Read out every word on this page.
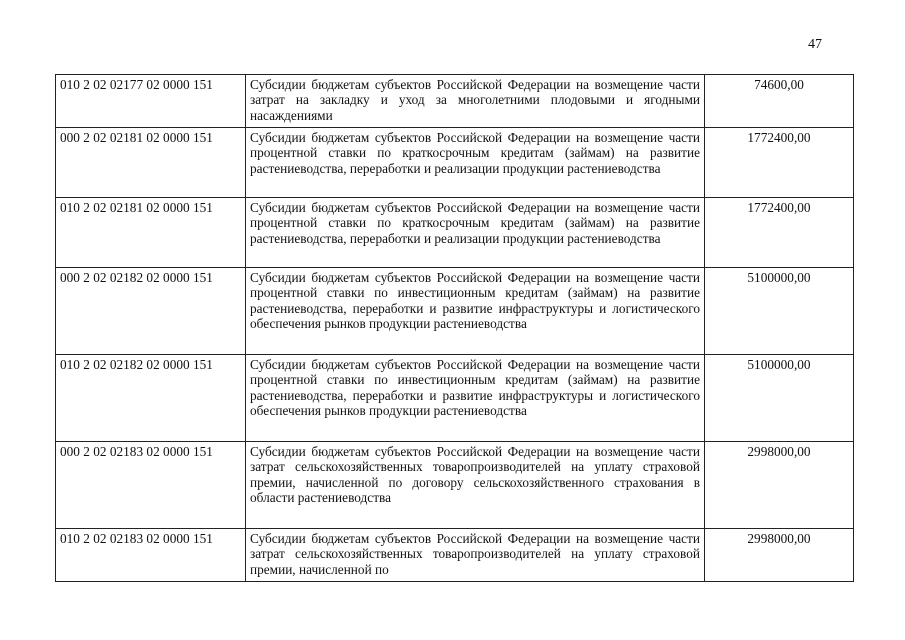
47
010 2 02 02177 02 0000 151	Субсидии бюджетам субъектов Российской Федерации на возмещение части затрат на закладку и уход за многолетними плодовыми и ягодными насаждениями	74600,00
000 2 02 02181 02 0000 151	Субсидии бюджетам субъектов Российской Федерации на возмещение части процентной ставки по краткосрочным кредитам (займам) на развитие растениеводства, переработки и реализации продукции растениеводства	1772400,00
010 2 02 02181 02 0000 151	Субсидии бюджетам субъектов Российской Федерации на возмещение части процентной ставки по краткосрочным кредитам (займам) на развитие растениеводства, переработки и реализации продукции растениеводства	1772400,00
000 2 02 02182 02 0000 151	Субсидии бюджетам субъектов Российской Федерации на возмещение части процентной ставки по инвестиционным кредитам (займам) на развитие растениеводства, переработки и развитие инфраструктуры и логистического обеспечения рынков продукции растениеводства	5100000,00
010 2 02 02182 02 0000 151	Субсидии бюджетам субъектов Российской Федерации на возмещение части процентной ставки по инвестиционным кредитам (займам) на развитие растениеводства, переработки и развитие инфраструктуры и логистического обеспечения рынков продукции растениеводства	5100000,00
000 2 02 02183 02 0000 151	Субсидии бюджетам субъектов Российской Федерации на возмещение части затрат сельскохозяйственных товаропроизводителей на уплату страховой премии, начисленной по договору сельскохозяйственного страхования в области растениеводства	2998000,00
010 2 02 02183 02 0000 151	Субсидии бюджетам субъектов Российской Федерации на возмещение части затрат сельскохозяйственных товаропроизводителей на уплату страховой премии, начисленной по	2998000,00
